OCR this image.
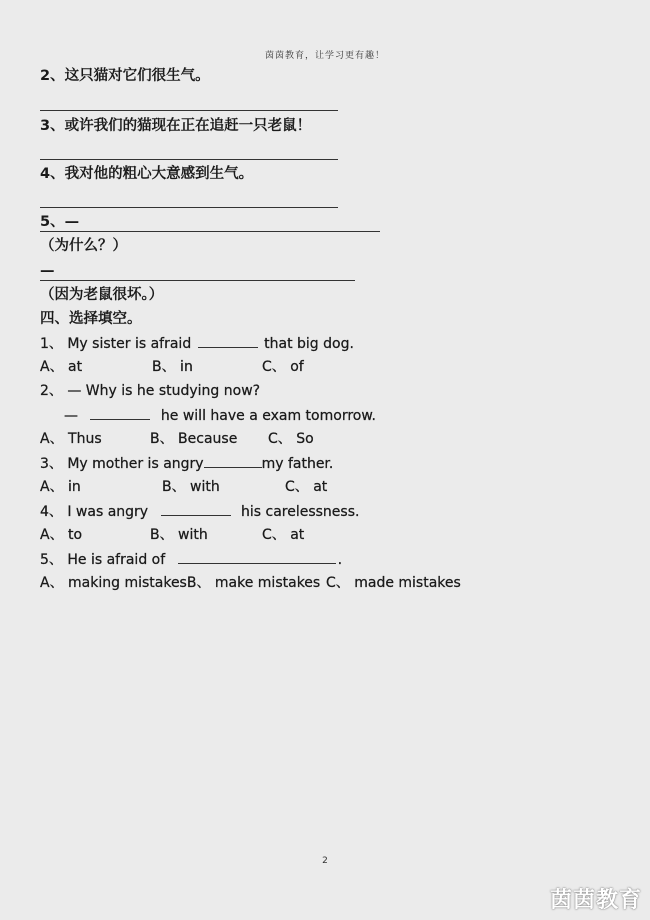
茵茵教育，让学习更有趣！
2、这只猫对它们很生气。
3、或许我们的猫现在正在追赶一只老鼠！
4、我对他的粗心大意感到生气。
5、—
（为什么？）
—
（因为老鼠很坏。）
四、选择填空。
1、 My sister is afraid	that big dog.
A、 at	B、 in	C、 of
2、 — Why is he studying now?
—	he will have a exam tomorrow.
A、 Thus	B、 Because C、 So
3、 My mother is angry	my father.
A、 in	B、 with	C、 at
4、 I was angry	his carelessness.
A、 to	B、 with	C、 at
5、 He is afraid of	.
A、 making mistakesB、 make mistakes C、 made mistakes
2
茵茵教育
